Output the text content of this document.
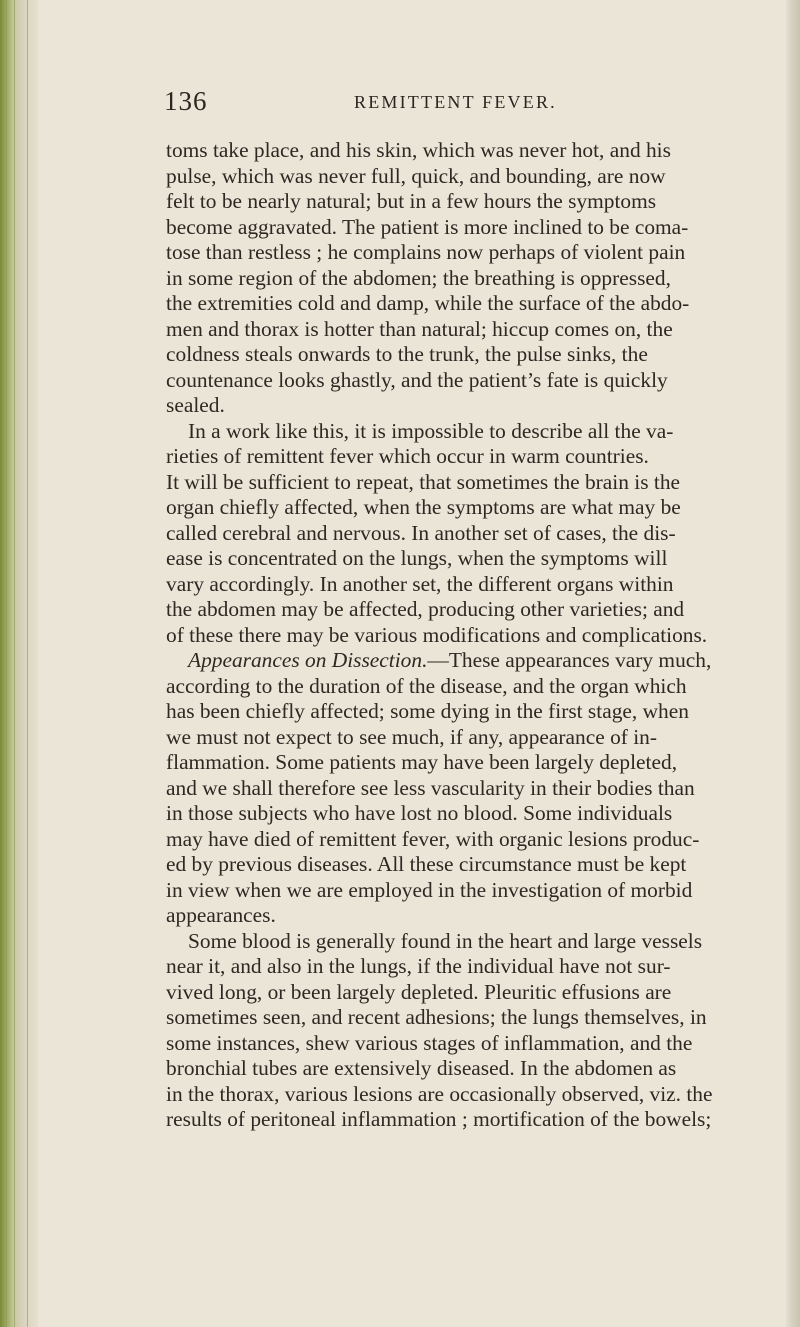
136	REMITTENT FEVER.
toms take place, and his skin, which was never hot, and his
pulse, which was never full, quick, and bounding, are now
felt to be nearly natural; but in a few hours the symptoms
become aggravated. The patient is more inclined to be coma-
tose than restless ; he complains now perhaps of violent pain
in some region of the abdomen; the breathing is oppressed,
the extremities cold and damp, while the surface of the abdo-
men and thorax is hotter than natural; hiccup comes on, the
coldness steals onwards to the trunk, the pulse sinks, the
countenance looks ghastly, and the patient’s fate is quickly
sealed.
In a work like this, it is impossible to describe all the va-
rieties of remittent fever which occur in warm countries.
It will be sufficient to repeat, that sometimes the brain is the
organ chiefly affected, when the symptoms are what may be
called cerebral and nervous. In another set of cases, the dis-
ease is concentrated on the lungs, when the symptoms will
vary accordingly. In another set, the different organs within
the abdomen may be affected, producing other varieties; and
of these there may be various modifications and complications.
Appearances on Dissection.—These appearances vary much,
according to the duration of the disease, and the organ which
has been chiefly affected; some dying in the first stage, when
we must not expect to see much, if any, appearance of in-
flammation. Some patients may have been largely depleted,
and we shall therefore see less vascularity in their bodies than
in those subjects who have lost no blood. Some individuals
may have died of remittent fever, with organic lesions produc-
ed by previous diseases. All these circumstance must be kept
in view when we are employed in the investigation of morbid
appearances.
Some blood is generally found in the heart and large vessels
near it, and also in the lungs, if the individual have not sur-
vived long, or been largely depleted. Pleuritic effusions are
sometimes seen, and recent adhesions; the lungs themselves, in
some instances, shew various stages of inflammation, and the
bronchial tubes are extensively diseased. In the abdomen as
in the thorax, various lesions are occasionally observed, viz. the
results of peritoneal inflammation ; mortification of the bowels;
